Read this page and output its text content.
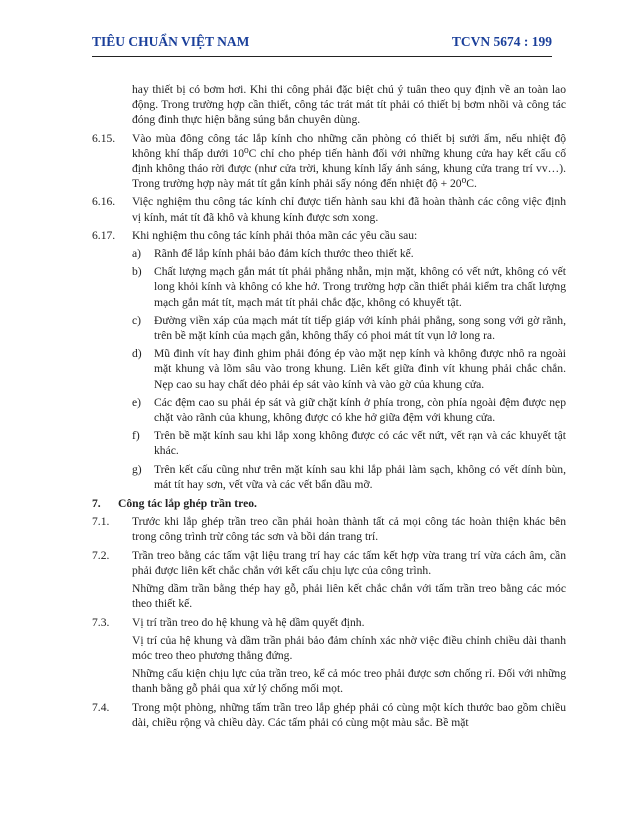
TIÊU CHUẨN VIỆT NAM	TCVN 5674 : 199

hay thiết bị có bơm hơi. Khi thi công phải đặc biệt chú ý tuân theo quy định về an toàn lao động. Trong trường hợp cần thiết, công tác trát mát tít phải có thiết bị bơm nhồi và công tác đóng đinh thực hiện bằng súng bắn chuyên dùng.

6.15.	Vào mùa đông công tác lắp kính cho những căn phòng có thiết bị sưởi ấm, nếu nhiệt độ không khí thấp dưới 10⁰C chỉ cho phép tiến hành đối với những khung cửa hay kết cấu cố định không tháo rời được (như cửa trời, khung kính lấy ánh sáng, khung cửa trang trí vv…). Trong trường hợp này mát tít gắn kính phải sấy nóng đến nhiệt độ + 20⁰C.
6.16.	Việc nghiệm thu công tác kính chỉ được tiến hành sau khi đã hoàn thành các công việc định vị kính, mát tít đã khô và khung kính được sơn xong.
6.17.	Khi nghiệm thu công tác kính phải thỏa mãn các yêu cầu sau:
a)	Rãnh để lắp kính phải bảo đảm kích thước theo thiết kế.
b)	Chất lượng mạch gắn mát tít phải phẳng nhẵn, mịn mặt, không có vết nứt, không có vết long khỏi kính và không có khe hở. Trong trường hợp cần thiết phải kiểm tra chất lượng mạch gắn mát tít, mạch mát tít phải chắc đặc, không có khuyết tật.
c)	Đường viền xáp của mạch mát tít tiếp giáp với kính phải phẳng, song song với gờ rãnh, trên bề mặt kính của mạch gắn, không thấy có phoi mát tít vụn lở long ra.
d)	Mũ đinh vít hay đinh ghim phải đóng ép vào mặt nẹp kính và không được nhô ra ngoài mặt khung và lõm sâu vào trong khung. Liên kết giữa đinh vít khung phải chắc chắn. Nẹp cao su hay chất dẻo phải ép sát vào kính và vào gờ của khung cửa.
e)	Các đệm cao su phải ép sát và giữ chặt kính ở phía trong, còn phía ngoài đệm được nẹp chặt vào rãnh của khung, không được có khe hở giữa đệm với khung cửa.
f)	Trên bề mặt kính sau khi lắp xong không được có các vết nứt, vết rạn và các khuyết tật khác.
g)	Trên kết cấu cũng như trên mặt kính sau khi lắp phải làm sạch, không có vết dính bùn, mát tít hay sơn, vết vữa và các vết bẩn dầu mỡ.
7.	Công tác lắp ghép trần treo.
7.1.	Trước khi lắp ghép trần treo cần phải hoàn thành tất cả mọi công tác hoàn thiện khác bên trong công trình trừ công tác sơn và bồi dán trang trí.
7.2.	Trần treo bằng các tấm vật liệu trang trí hay các tấm kết hợp vừa trang trí vừa cách âm, cần phải được liên kết chắc chắn với kết cấu chịu lực của công trình.

Những dầm trần bằng thép hay gỗ, phải liên kết chắc chắn với tấm trần treo bằng các móc theo thiết kế.

7.3.	Vị trí trần treo do hệ khung và hệ dầm quyết định.

Vị trí của hệ khung và dầm trần phải bảo đảm chính xác nhờ việc điều chỉnh chiều dài thanh móc treo theo phương thẳng đứng.

Những cấu kiện chịu lực của trần treo, kể cả móc treo phải được sơn chống rỉ. Đối với những thanh bằng gỗ phải qua xử lý chống mối mọt.

7.4.	Trong một phòng, những tấm trần treo lắp ghép phải có cùng một kích thước bao gồm chiều dài, chiều rộng và chiều dày. Các tấm phải có cùng một màu sắc. Bề mặt
